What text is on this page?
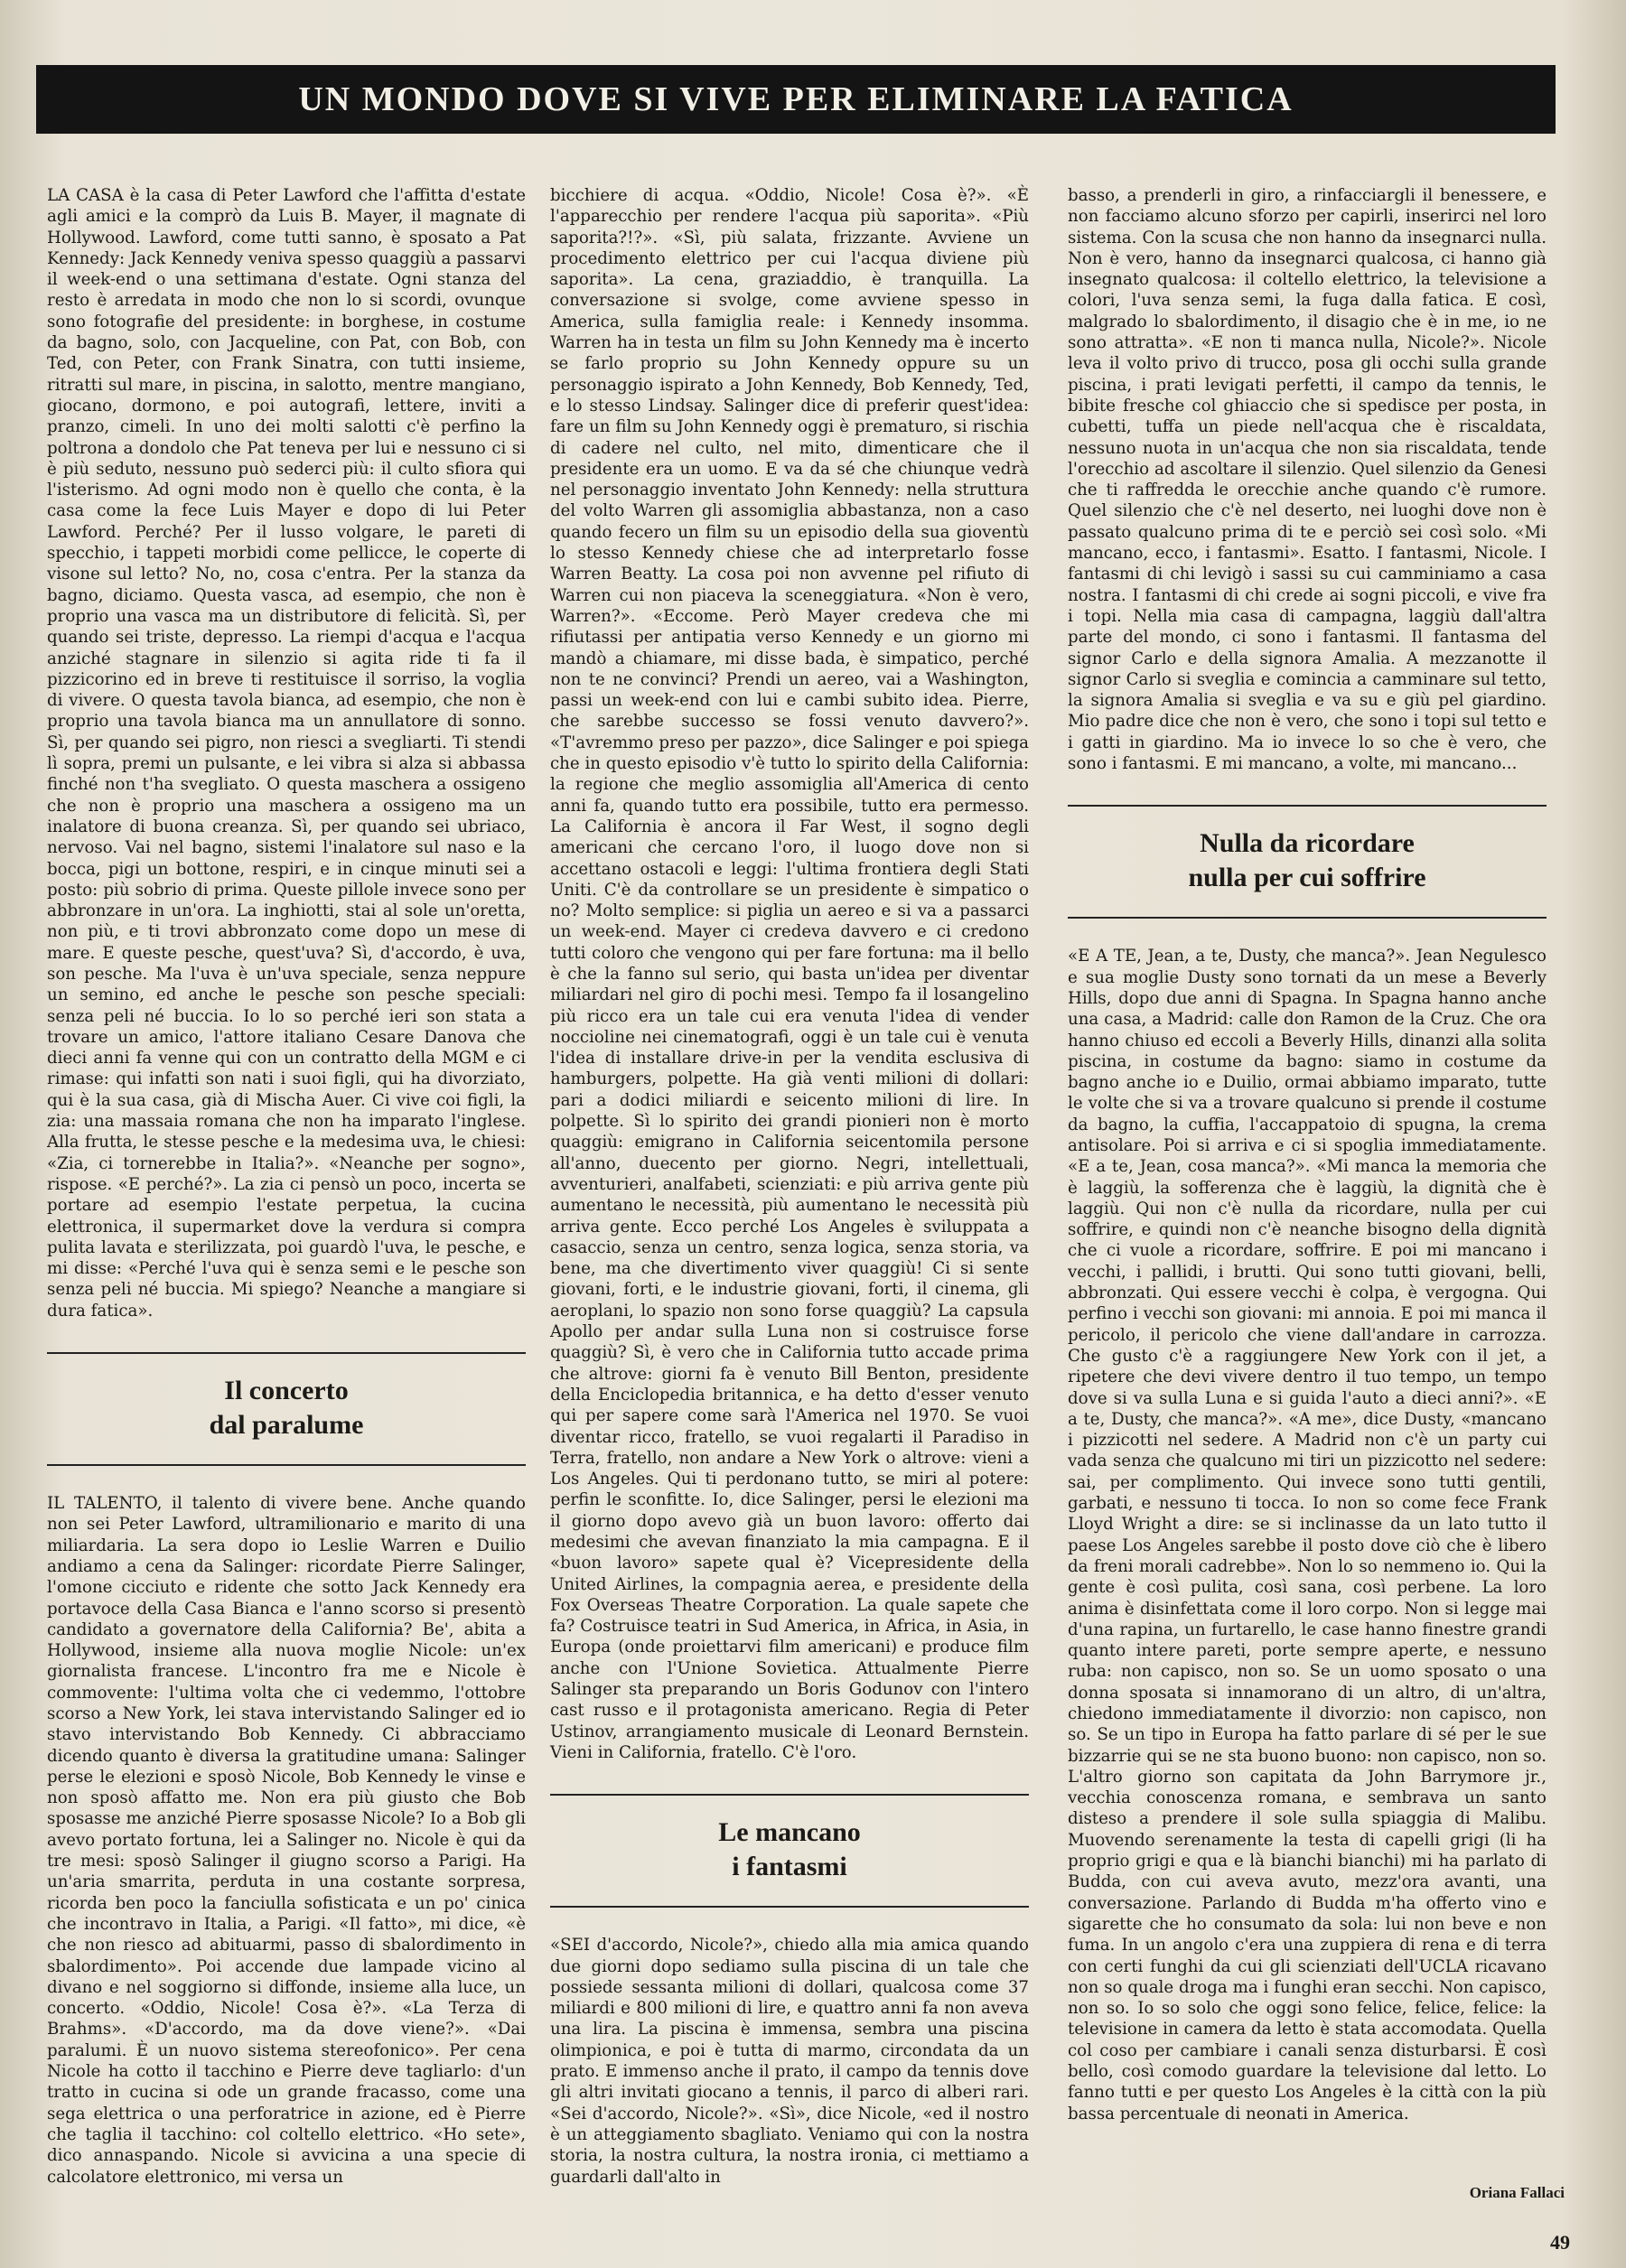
UN MONDO DOVE SI VIVE PER ELIMINARE LA FATICA

LA CASA è la casa di Peter Lawford che l'affitta d'estate agli amici e la comprò da Luis B. Mayer, il magnate di Hollywood. Lawford, come tutti sanno, è sposato a Pat Kennedy: Jack Kennedy veniva spesso quaggiù a passarvi il week-end o una settimana d'estate. Ogni stanza del resto è arredata in modo che non lo si scordi, ovunque sono fotografie del presidente: in borghese, in costume da bagno, solo, con Jacqueline, con Pat, con Bob, con Ted, con Peter, con Frank Sinatra, con tutti insieme, ritratti sul mare, in piscina, in salotto, mentre mangiano, giocano, dormono, e poi autografi, lettere, inviti a pranzo, cimeli. In uno dei molti salotti c'è perfino la poltrona a dondolo che Pat teneva per lui e nessuno ci si è più seduto, nessuno può sederci più: il culto sfiora qui l'isterismo. Ad ogni modo non è quello che conta, è la casa come la fece Luis Mayer e dopo di lui Peter Lawford. Perché? Per il lusso volgare, le pareti di specchio, i tappeti morbidi come pellicce, le coperte di visone sul letto? No, no, cosa c'entra. Per la stanza da bagno, diciamo. Questa vasca, ad esempio, che non è proprio una vasca ma un distributore di felicità. Sì, per quando sei triste, depresso. La riempi d'acqua e l'acqua anziché stagnare in silenzio si agita ride ti fa il pizzicorino ed in breve ti restituisce il sorriso, la voglia di vivere. O questa tavola bianca, ad esempio, che non è proprio una tavola bianca ma un annullatore di sonno. Sì, per quando sei pigro, non riesci a svegliarti. Ti stendi lì sopra, premi un pulsante, e lei vibra si alza si abbassa finché non t'ha svegliato. O questa maschera a ossigeno che non è proprio una maschera a ossigeno ma un inalatore di buona creanza. Sì, per quando sei ubriaco, nervoso. Vai nel bagno, sistemi l'inalatore sul naso e la bocca, pigi un bottone, respiri, e in cinque minuti sei a posto: più sobrio di prima. Queste pillole invece sono per abbronzare in un'ora. La inghiotti, stai al sole un'oretta, non più, e ti trovi abbronzato come dopo un mese di mare. E queste pesche, quest'uva? Sì, d'accordo, è uva, son pesche. Ma l'uva è un'uva speciale, senza neppure un semino, ed anche le pesche son pesche speciali: senza peli né buccia. Io lo so perché ieri son stata a trovare un amico, l'attore italiano Cesare Danova che dieci anni fa venne qui con un contratto della MGM e ci rimase: qui infatti son nati i suoi figli, qui ha divorziato, qui è la sua casa, già di Mischa Auer. Ci vive coi figli, la zia: una massaia romana che non ha imparato l'inglese. Alla frutta, le stesse pesche e la medesima uva, le chiesi: «Zia, ci tornerebbe in Italia?». «Neanche per sogno», rispose. «E perché?». La zia ci pensò un poco, incerta se portare ad esempio l'estate perpetua, la cucina elettronica, il supermarket dove la verdura si compra pulita lavata e sterilizzata, poi guardò l'uva, le pesche, e mi disse: «Perché l'uva qui è senza semi e le pesche son senza peli né buccia. Mi spiego? Neanche a mangiare si dura fatica».

Il concerto
dal paralume

IL TALENTO, il talento di vivere bene. Anche quando non sei Peter Lawford, ultramilionario e marito di una miliardaria. La sera dopo io Leslie Warren e Duilio andiamo a cena da Salinger: ricordate Pierre Salinger, l'omone cicciuto e ridente che sotto Jack Kennedy era portavoce della Casa Bianca e l'anno scorso si presentò candidato a governatore della California? Be', abita a Hollywood, insieme alla nuova moglie Nicole: un'ex giornalista francese. L'incontro fra me e Nicole è commovente: l'ultima volta che ci vedemmo, l'ottobre scorso a New York, lei stava intervistando Salinger ed io stavo intervistando Bob Kennedy. Ci abbracciamo dicendo quanto è diversa la gratitudine umana: Salinger perse le elezioni e sposò Nicole, Bob Kennedy le vinse e non sposò affatto me. Non era più giusto che Bob sposasse me anziché Pierre sposasse Nicole? Io a Bob gli avevo portato fortuna, lei a Salinger no. Nicole è qui da tre mesi: sposò Salinger il giugno scorso a Parigi. Ha un'aria smarrita, perduta in una costante sorpresa, ricorda ben poco la fanciulla sofisticata e un po' cinica che incontravo in Italia, a Parigi. «Il fatto», mi dice, «è che non riesco ad abituarmi, passo di sbalordimento in sbalordimento». Poi accende due lampade vicino al divano e nel soggiorno si diffonde, insieme alla luce, un concerto. «Oddio, Nicole! Cosa è?». «La Terza di Brahms». «D'accordo, ma da dove viene?». «Dai paralumi. È un nuovo sistema stereofonico». Per cena Nicole ha cotto il tacchino e Pierre deve tagliarlo: d'un tratto in cucina si ode un grande fracasso, come una sega elettrica o una perforatrice in azione, ed è Pierre che taglia il tacchino: col coltello elettrico. «Ho sete», dico annaspando. Nicole si avvicina a una specie di calcolatore elettronico, mi versa un

bicchiere di acqua. «Oddio, Nicole! Cosa è?». «È l'apparecchio per rendere l'acqua più saporita». «Più saporita?!?». «Sì, più salata, frizzante. Avviene un procedimento elettrico per cui l'acqua diviene più saporita». La cena, graziaddio, è tranquilla. La conversazione si svolge, come avviene spesso in America, sulla famiglia reale: i Kennedy insomma. Warren ha in testa un film su John Kennedy ma è incerto se farlo proprio su John Kennedy oppure su un personaggio ispirato a John Kennedy, Bob Kennedy, Ted, e lo stesso Lindsay. Salinger dice di preferir quest'idea: fare un film su John Kennedy oggi è prematuro, si rischia di cadere nel culto, nel mito, dimenticare che il presidente era un uomo. E va da sé che chiunque vedrà nel personaggio inventato John Kennedy: nella struttura del volto Warren gli assomiglia abbastanza, non a caso quando fecero un film su un episodio della sua gioventù lo stesso Kennedy chiese che ad interpretarlo fosse Warren Beatty. La cosa poi non avvenne pel rifiuto di Warren cui non piaceva la sceneggiatura. «Non è vero, Warren?». «Eccome. Però Mayer credeva che mi rifiutassi per antipatia verso Kennedy e un giorno mi mandò a chiamare, mi disse bada, è simpatico, perché non te ne convinci? Prendi un aereo, vai a Washington, passi un week-end con lui e cambi subito idea. Pierre, che sarebbe successo se fossi venuto davvero?». «T'avremmo preso per pazzo», dice Salinger e poi spiega che in questo episodio v'è tutto lo spirito della California: la regione che meglio assomiglia all'America di cento anni fa, quando tutto era possibile, tutto era permesso. La California è ancora il Far West, il sogno degli americani che cercano l'oro, il luogo dove non si accettano ostacoli e leggi: l'ultima frontiera degli Stati Uniti. C'è da controllare se un presidente è simpatico o no? Molto semplice: si piglia un aereo e si va a passarci un week-end. Mayer ci credeva davvero e ci credono tutti coloro che vengono qui per fare fortuna: ma il bello è che la fanno sul serio, qui basta un'idea per diventar miliardari nel giro di pochi mesi. Tempo fa il losangelino più ricco era un tale cui era venuta l'idea di vender noccioline nei cinematografi, oggi è un tale cui è venuta l'idea di installare drive-in per la vendita esclusiva di hamburgers, polpette. Ha già venti milioni di dollari: pari a dodici miliardi e seicento milioni di lire. In polpette. Sì lo spirito dei grandi pionieri non è morto quaggiù: emigrano in California seicentomila persone all'anno, duecento per giorno. Negri, intellettuali, avventurieri, analfabeti, scienziati: e più arriva gente più aumentano le necessità, più aumentano le necessità più arriva gente. Ecco perché Los Angeles è sviluppata a casaccio, senza un centro, senza logica, senza storia, va bene, ma che divertimento viver quaggiù! Ci si sente giovani, forti, e le industrie giovani, forti, il cinema, gli aeroplani, lo spazio non sono forse quaggiù? La capsula Apollo per andar sulla Luna non si costruisce forse quaggiù? Sì, è vero che in California tutto accade prima che altrove: giorni fa è venuto Bill Benton, presidente della Enciclopedia britannica, e ha detto d'esser venuto qui per sapere come sarà l'America nel 1970. Se vuoi diventar ricco, fratello, se vuoi regalarti il Paradiso in Terra, fratello, non andare a New York o altrove: vieni a Los Angeles. Qui ti perdonano tutto, se miri al potere: perfin le sconfitte. Io, dice Salinger, persi le elezioni ma il giorno dopo avevo già un buon lavoro: offerto dai medesimi che avevan finanziato la mia campagna. E il «buon lavoro» sapete qual è? Vicepresidente della United Airlines, la compagnia aerea, e presidente della Fox Overseas Theatre Corporation. La quale sapete che fa? Costruisce teatri in Sud America, in Africa, in Asia, in Europa (onde proiettarvi film americani) e produce film anche con l'Unione Sovietica. Attualmente Pierre Salinger sta preparando un Boris Godunov con l'intero cast russo e il protagonista americano. Regia di Peter Ustinov, arrangiamento musicale di Leonard Bernstein. Vieni in California, fratello. C'è l'oro.

Le mancano
i fantasmi

«SEI d'accordo, Nicole?», chiedo alla mia amica quando due giorni dopo sediamo sulla piscina di un tale che possiede sessanta milioni di dollari, qualcosa come 37 miliardi e 800 milioni di lire, e quattro anni fa non aveva una lira. La piscina è immensa, sembra una piscina olimpionica, e poi è tutta di marmo, circondata da un prato. E immenso anche il prato, il campo da tennis dove gli altri invitati giocano a tennis, il parco di alberi rari. «Sei d'accordo, Nicole?». «Sì», dice Nicole, «ed il nostro è un atteggiamento sbagliato. Veniamo qui con la nostra storia, la nostra cultura, la nostra ironia, ci mettiamo a guardarli dall'alto in

basso, a prenderli in giro, a rinfacciargli il benessere, e non facciamo alcuno sforzo per capirli, inserirci nel loro sistema. Con la scusa che non hanno da insegnarci nulla. Non è vero, hanno da insegnarci qualcosa, ci hanno già insegnato qualcosa: il coltello elettrico, la televisione a colori, l'uva senza semi, la fuga dalla fatica. E così, malgrado lo sbalordimento, il disagio che è in me, io ne sono attratta». «E non ti manca nulla, Nicole?». Nicole leva il volto privo di trucco, posa gli occhi sulla grande piscina, i prati levigati perfetti, il campo da tennis, le bibite fresche col ghiaccio che si spedisce per posta, in cubetti, tuffa un piede nell'acqua che è riscaldata, nessuno nuota in un'acqua che non sia riscaldata, tende l'orecchio ad ascoltare il silenzio. Quel silenzio da Genesi che ti raffredda le orecchie anche quando c'è rumore. Quel silenzio che c'è nel deserto, nei luoghi dove non è passato qualcuno prima di te e perciò sei così solo. «Mi mancano, ecco, i fantasmi». Esatto. I fantasmi, Nicole. I fantasmi di chi levigò i sassi su cui camminiamo a casa nostra. I fantasmi di chi crede ai sogni piccoli, e vive fra i topi. Nella mia casa di campagna, laggiù dall'altra parte del mondo, ci sono i fantasmi. Il fantasma del signor Carlo e della signora Amalia. A mezzanotte il signor Carlo si sveglia e comincia a camminare sul tetto, la signora Amalia si sveglia e va su e giù pel giardino. Mio padre dice che non è vero, che sono i topi sul tetto e i gatti in giardino. Ma io invece lo so che è vero, che sono i fantasmi. E mi mancano, a volte, mi mancano...

Nulla da ricordare
nulla per cui soffrire

«E A TE, Jean, a te, Dusty, che manca?». Jean Negulesco e sua moglie Dusty sono tornati da un mese a Beverly Hills, dopo due anni di Spagna. In Spagna hanno anche una casa, a Madrid: calle don Ramon de la Cruz. Che ora hanno chiuso ed eccoli a Beverly Hills, dinanzi alla solita piscina, in costume da bagno: siamo in costume da bagno anche io e Duilio, ormai abbiamo imparato, tutte le volte che si va a trovare qualcuno si prende il costume da bagno, la cuffia, l'accappatoio di spugna, la crema antisolare. Poi si arriva e ci si spoglia immediatamente. «E a te, Jean, cosa manca?». «Mi manca la memoria che è laggiù, la sofferenza che è laggiù, la dignità che è laggiù. Qui non c'è nulla da ricordare, nulla per cui soffrire, e quindi non c'è neanche bisogno della dignità che ci vuole a ricordare, soffrire. E poi mi mancano i vecchi, i pallidi, i brutti. Qui sono tutti giovani, belli, abbronzati. Qui essere vecchi è colpa, è vergogna. Qui perfino i vecchi son giovani: mi annoia. E poi mi manca il pericolo, il pericolo che viene dall'andare in carrozza. Che gusto c'è a raggiungere New York con il jet, a ripetere che devi vivere dentro il tuo tempo, un tempo dove si va sulla Luna e si guida l'auto a dieci anni?». «E a te, Dusty, che manca?». «A me», dice Dusty, «mancano i pizzicotti nel sedere. A Madrid non c'è un party cui vada senza che qualcuno mi tiri un pizzicotto nel sedere: sai, per complimento. Qui invece sono tutti gentili, garbati, e nessuno ti tocca. Io non so come fece Frank Lloyd Wright a dire: se si inclinasse da un lato tutto il paese Los Angeles sarebbe il posto dove ciò che è libero da freni morali cadrebbe». Non lo so nemmeno io. Qui la gente è così pulita, così sana, così perbene. La loro anima è disinfettata come il loro corpo. Non si legge mai d'una rapina, un furtarello, le case hanno finestre grandi quanto intere pareti, porte sempre aperte, e nessuno ruba: non capisco, non so. Se un uomo sposato o una donna sposata si innamorano di un altro, di un'altra, chiedono immediatamente il divorzio: non capisco, non so. Se un tipo in Europa ha fatto parlare di sé per le sue bizzarrie qui se ne sta buono buono: non capisco, non so. L'altro giorno son capitata da John Barrymore jr., vecchia conoscenza romana, e sembrava un santo disteso a prendere il sole sulla spiaggia di Malibu. Muovendo serenamente la testa di capelli grigi (li ha proprio grigi e qua e là bianchi bianchi) mi ha parlato di Budda, con cui aveva avuto, mezz'ora avanti, una conversazione. Parlando di Budda m'ha offerto vino e sigarette che ho consumato da sola: lui non beve e non fuma. In un angolo c'era una zuppiera di rena e di terra con certi funghi da cui gli scienziati dell'UCLA ricavano non so quale droga ma i funghi eran secchi. Non capisco, non so. Io so solo che oggi sono felice, felice, felice: la televisione in camera da letto è stata accomodata. Quella col coso per cambiare i canali senza disturbarsi. È così bello, così comodo guardare la televisione dal letto. Lo fanno tutti e per questo Los Angeles è la città con la più bassa percentuale di neonati in America.

Oriana Fallaci
49
